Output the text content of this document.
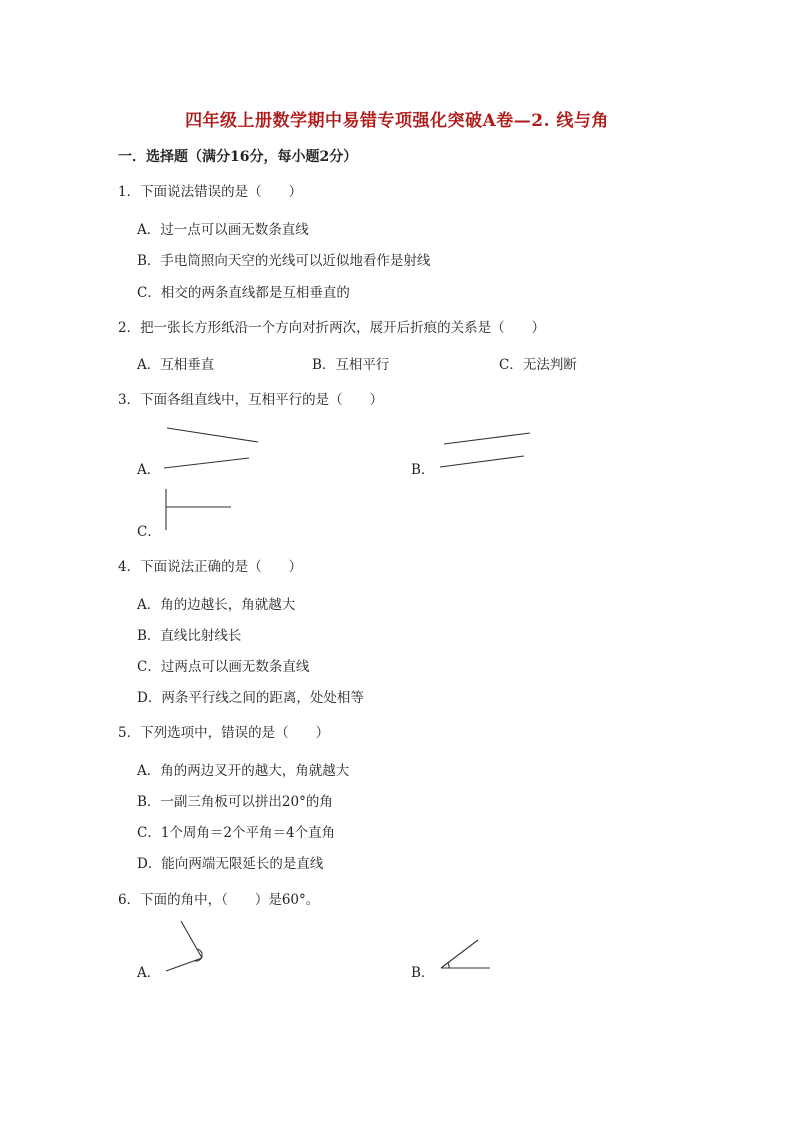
四年级上册数学期中易错专项强化突破A卷—2. 线与角
一．选择题（满分16分，每小题2分）
1．下面说法错误的是（　　）
A．过一点可以画无数条直线
B．手电筒照向天空的光线可以近似地看作是射线
C．相交的两条直线都是互相垂直的
2．把一张长方形纸沿一个方向对折两次，展开后折痕的关系是（　　）
A．互相垂直	B．互相平行	C．无法判断
3．下面各组直线中，互相平行的是（　　）
A．	B．
C．
4．下面说法正确的是（　　）
A．角的边越长，角就越大
B．直线比射线长
C．过两点可以画无数条直线
D．两条平行线之间的距离，处处相等
5．下列选项中，错误的是（　　）
A．角的两边叉开的越大，角就越大
B．一副三角板可以拼出20°的角
C．1个周角＝2个平角＝4个直角
D．能向两端无限延长的是直线
6．下面的角中，（　　）是60°。
A．	B．
